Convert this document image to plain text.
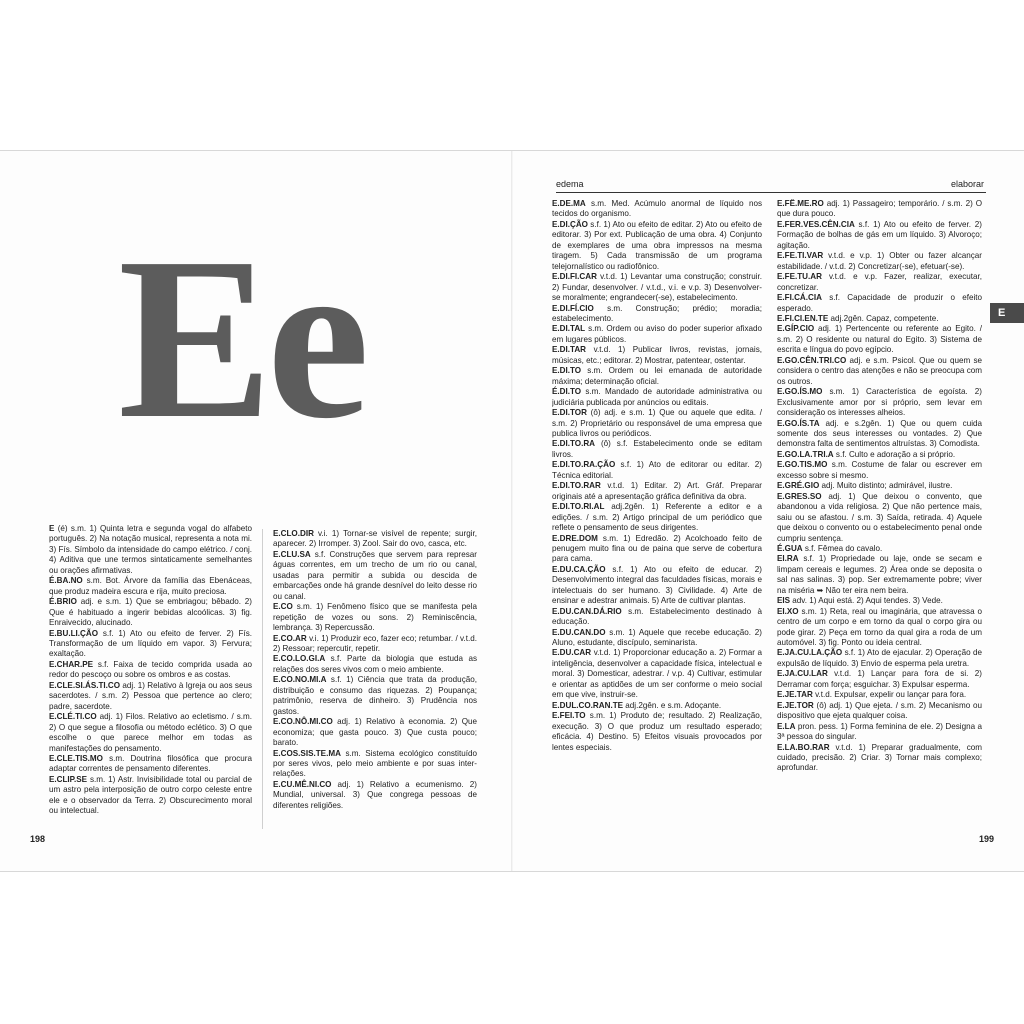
Ee

E (é) s.m. 1) Quinta letra e segunda vogal do alfabeto português. 2) Na notação musical, representa a nota mi. 3) Fís. Símbolo da intensidade do campo elétrico. / conj. 4) Aditiva que une termos sintaticamente semelhantes ou orações afirmativas.

É.BA.NO s.m. Bot. Árvore da família das Ebenáceas, que produz madeira escura e rija, muito preciosa.

É.BRIO adj. e s.m. 1) Que se embriagou; bêbado. 2) Que é habituado a ingerir bebidas alcoólicas. 3) fig. Enraivecido, alucinado.

E.BU.LI.ÇÃO s.f. 1) Ato ou efeito de ferver. 2) Fís. Transformação de um líquido em vapor. 3) Fervura; exaltação.

E.CHAR.PE s.f. Faixa de tecido comprida usada ao redor do pescoço ou sobre os ombros e as costas.

E.CLE.SI.ÁS.TI.CO adj. 1) Relativo à Igreja ou aos seus sacerdotes. / s.m. 2) Pessoa que pertence ao clero; padre, sacerdote.

E.CLÉ.TI.CO adj. 1) Filos. Relativo ao ecletismo. / s.m. 2) O que segue a filosofia ou método eclético. 3) O que escolhe o que parece melhor em todas as manifestações do pensamento.

E.CLE.TIS.MO s.m. Doutrina filosófica que procura adaptar correntes de pensamento diferentes.

E.CLIP.SE s.m. 1) Astr. Invisibilidade total ou parcial de um astro pela interposição de outro corpo celeste entre ele e o observador da Terra. 2) Obscurecimento moral ou intelectual.

E.CLO.DIR v.i. 1) Tornar-se visível de repente; surgir, aparecer. 2) Irromper. 3) Zool. Sair do ovo, casca, etc.

E.CLU.SA s.f. Construções que servem para represar águas correntes, em um trecho de um rio ou canal, usadas para permitir a subida ou descida de embarcações onde há grande desnível do leito desse rio ou canal.

E.CO s.m. 1) Fenômeno físico que se manifesta pela repetição de vozes ou sons. 2) Reminiscência, lembrança. 3) Repercussão.

E.CO.AR v.i. 1) Produzir eco, fazer eco; retumbar. / v.t.d. 2) Ressoar; repercutir, repetir.

E.CO.LO.GI.A s.f. Parte da biologia que estuda as relações dos seres vivos com o meio ambiente.

E.CO.NO.MI.A s.f. 1) Ciência que trata da produção, distribuição e consumo das riquezas. 2) Poupança; patrimônio, reserva de dinheiro. 3) Prudência nos gastos.

E.CO.NÔ.MI.CO adj. 1) Relativo à economia. 2) Que economiza; que gasta pouco. 3) Que custa pouco; barato.

E.COS.SIS.TE.MA s.m. Sistema ecológico constituído por seres vivos, pelo meio ambiente e por suas inter-relações.

E.CU.MÊ.NI.CO adj. 1) Relativo a ecumenismo. 2) Mundial, universal. 3) Que congrega pessoas de diferentes religiões.

198
edema	elaborar

E.DE.MA s.m. Med. Acúmulo anormal de líquido nos tecidos do organismo.

E.DI.ÇÃO s.f. 1) Ato ou efeito de editar. 2) Ato ou efeito de editorar. 3) Por ext. Publicação de uma obra. 4) Conjunto de exemplares de uma obra impressos na mesma tiragem. 5) Cada transmissão de um programa telejornalístico ou radiofônico.

E.DI.FI.CAR v.t.d. 1) Levantar uma construção; construir. 2) Fundar, desenvolver. / v.t.d., v.i. e v.p. 3) Desenvolver-se moralmente; engrandecer(-se), estabelecimento.

E.DI.FÍ.CIO s.m. Construção; prédio; moradia; estabelecimento.

E.DI.TAL s.m. Ordem ou aviso do poder superior afixado em lugares públicos.

E.DI.TAR v.t.d. 1) Publicar livros, revistas, jornais, músicas, etc.; editorar. 2) Mostrar, patentear, ostentar.

E.DI.TO s.m. Ordem ou lei emanada de autoridade máxima; determinação oficial.

É.DI.TO s.m. Mandado de autoridade administrativa ou judiciária publicada por anúncios ou editais.

E.DI.TOR (ô) adj. e s.m. 1) Que ou aquele que edita. / s.m. 2) Proprietário ou responsável de uma empresa que publica livros ou periódicos.

E.DI.TO.RA (ô) s.f. Estabelecimento onde se editam livros.

E.DI.TO.RA.ÇÃO s.f. 1) Ato de editorar ou editar. 2) Técnica editorial.

E.DI.TO.RAR v.t.d. 1) Editar. 2) Art. Gráf. Preparar originais até a apresentação gráfica definitiva da obra.

E.DI.TO.RI.AL adj.2gên. 1) Referente a editor e a edições. / s.m. 2) Artigo principal de um periódico que reflete o pensamento de seus dirigentes.

E.DRE.DOM s.m. 1) Edredão. 2) Acolchoado feito de penugem muito fina ou de paina que serve de cobertura para cama.

E.DU.CA.ÇÃO s.f. 1) Ato ou efeito de educar. 2) Desenvolvimento integral das faculdades físicas, morais e intelectuais do ser humano. 3) Civilidade. 4) Arte de ensinar e adestrar animais. 5) Arte de cultivar plantas.

E.DU.CAN.DÁ.RIO s.m. Estabelecimento destinado à educação.

E.DU.CAN.DO s.m. 1) Aquele que recebe educação. 2) Aluno, estudante, discípulo, seminarista.

E.DU.CAR v.t.d. 1) Proporcionar educação a. 2) Formar a inteligência, desenvolver a capacidade física, intelectual e moral. 3) Domesticar, adestrar. / v.p. 4) Cultivar, estimular e orientar as aptidões de um ser conforme o meio social em que vive, instruir-se.

E.DUL.CO.RAN.TE adj.2gên. e s.m. Adoçante.

E.FEI.TO s.m. 1) Produto de; resultado. 2) Realização, execução. 3) O que produz um resultado esperado; eficácia. 4) Destino. 5) Efeitos visuais provocados por lentes especiais.

E.FÊ.ME.RO adj. 1) Passageiro; temporário. / s.m. 2) O que dura pouco.

E.FER.VES.CÊN.CIA s.f. 1) Ato ou efeito de ferver. 2) Formação de bolhas de gás em um líquido. 3) Alvoroço; agitação.

E.FE.TI.VAR v.t.d. e v.p. 1) Obter ou fazer alcançar estabilidade. / v.t.d. 2) Concretizar(-se), efetuar(-se).

E.FE.TU.AR v.t.d. e v.p. Fazer, realizar, executar, concretizar.

E.FI.CÁ.CIA s.f. Capacidade de produzir o efeito esperado.

E.FI.CI.EN.TE adj.2gên. Capaz, competente.

E.GÍP.CIO adj. 1) Pertencente ou referente ao Egito. / s.m. 2) O residente ou natural do Egito. 3) Sistema de escrita e língua do povo egípcio.

E.GO.CÊN.TRI.CO adj. e s.m. Psicol. Que ou quem se considera o centro das atenções e não se preocupa com os outros.

E.GO.ÍS.MO s.m. 1) Característica de egoísta. 2) Exclusivamente amor por si próprio, sem levar em consideração os interesses alheios.

E.GO.ÍS.TA adj. e s.2gên. 1) Que ou quem cuida somente dos seus interesses ou vontades. 2) Que demonstra falta de sentimentos altruístas. 3) Comodista.

E.GO.LA.TRI.A s.f. Culto e adoração a si próprio.

E.GO.TIS.MO s.m. Costume de falar ou escrever em excesso sobre si mesmo.

E.GRÉ.GIO adj. Muito distinto; admirável, ilustre.

E.GRES.SO adj. 1) Que deixou o convento, que abandonou a vida religiosa. 2) Que não pertence mais, saiu ou se afastou. / s.m. 3) Saída, retirada. 4) Aquele que deixou o convento ou o estabelecimento penal onde cumpriu sentença.

É.GUA s.f. Fêmea do cavalo.

EI.RA s.f. 1) Propriedade ou laje, onde se secam e limpam cereais e legumes. 2) Área onde se deposita o sal nas salinas. 3) pop. Ser extremamente pobre; viver na miséria ➥ Não ter eira nem beira.

EIS adv. 1) Aqui está. 2) Aqui tendes. 3) Vede.

EI.XO s.m. 1) Reta, real ou imaginária, que atravessa o centro de um corpo e em torno da qual o corpo gira ou pode girar. 2) Peça em torno da qual gira a roda de um automóvel. 3) fig. Ponto ou ideia central.

E.JA.CU.LA.ÇÃO s.f. 1) Ato de ejacular. 2) Operação de expulsão de líquido. 3) Envio de esperma pela uretra.

E.JA.CU.LAR v.t.d. 1) Lançar para fora de si. 2) Derramar com força; esguichar. 3) Expulsar esperma.

E.JE.TAR v.t.d. Expulsar, expelir ou lançar para fora.

E.JE.TOR (ô) adj. 1) Que ejeta. / s.m. 2) Mecanismo ou dispositivo que ejeta qualquer coisa.

E.LA pron. pess. 1) Forma feminina de ele. 2) Designa a 3ª pessoa do singular.

E.LA.BO.RAR v.t.d. 1) Preparar gradualmente, com cuidado, precisão. 2) Criar. 3) Tornar mais complexo; aprofundar.

E
199
